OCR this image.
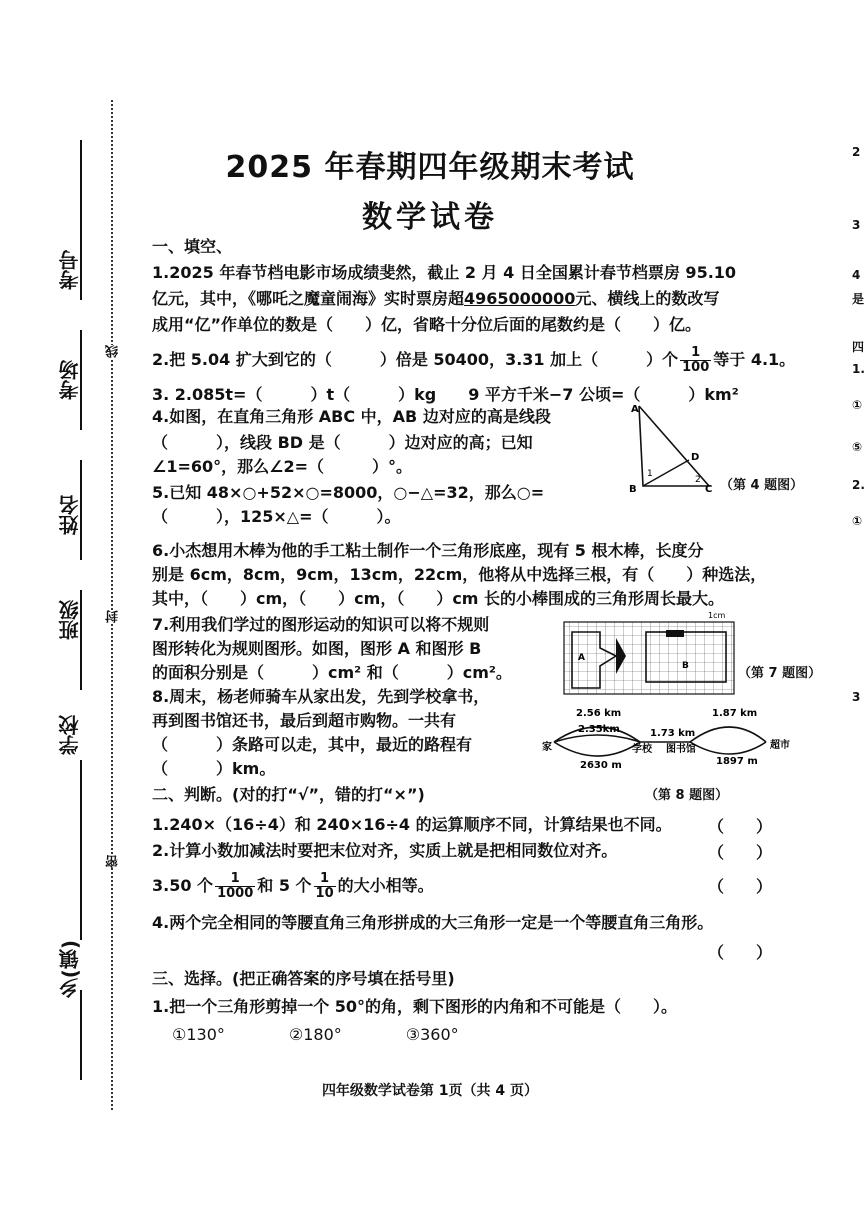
考号
考场
姓名
班级
学校
乡(镇)
线
封
密
2025 年春期四年级期末考试
数学试卷
一、填空、
1.2025 年春节档电影市场成绩斐然，截止 2 月 4 日全国累计春节档票房 95.10
亿元，其中，《哪吒之魔童闹海》实时票房超4965000000元、横线上的数改写
成用“亿”作单位的数是（　　）亿，省略十分位后面的尾数约是（　　）亿。
2.把 5.04 扩大到它的（　　　）倍是 50400，3.31 加上（　　　）个 $\frac{1}{100}$ 等于 4.1。
3. 2.085t=（　　　）t（　　　）kg　　9 平方千米−7 公顷=（　　　）km²
4.如图，在直角三角形 ABC 中，AB 边对应的高是线段
（　　　），线段 BD 是（　　　）边对应的高；已知
∠1=60°，那么∠2=（　　　）°。
5.已知 48×○+52×○=8000，○−△=32，那么○=
（　　　），125×△=（　　　）。
A
B	C
D
1
2 （第 4 题图）
6.小杰想用木棒为他的手工粘土制作一个三角形底座，现有 5 根木棒，长度分
别是 6cm，8cm，9cm，13cm，22cm，他将从中选择三根，有（　　）种选法，
其中，（　　）cm，（　　）cm，（　　）cm 长的小棒围成的三角形周长最大。
7.利用我们学过的图形运动的知识可以将不规则
图形转化为规则图形。如图，图形 A 和图形 B
的面积分别是（　　　）cm² 和（　　　）cm²。
A
B
1cm
（第 7 题图）
8.周末，杨老师骑车从家出发，先到学校拿书，
再到图书馆还书，最后到超市购物。一共有
（　　　）条路可以走，其中，最近的路程有
（　　　）km。
2.56 km
2.35km
2630 m
1.73 km
1.87 km
1897 m
家	学校 图书馆	超市
（第 8 题图）
二、判断。(对的打“√”，错的打“×”)
1.240×（16÷4）和 240×16÷4 的运算顺序不同，计算结果也不同。 （　　）
2.计算小数加减法时要把末位对齐，实质上就是把相同数位对齐。	（　　）
3.50 个 $\frac{1}{1000}$ 和 5 个 $\frac{1}{10}$ 的大小相等。	（　　）
4.两个完全相同的等腰直角三角形拼成的大三角形一定是一个等腰直角三角形。
（　　）
三、选择。(把正确答案的序号填在括号里)
1.把一个三角形剪掉一个 50°的角，剩下图形的内角和不可能是（　　）。
①130°　　　　②180°　　　　③360°
四年级数学试卷第 1页（共 4 页）
2
3
4
是
四
1.
①
⑤
2.
①
3
